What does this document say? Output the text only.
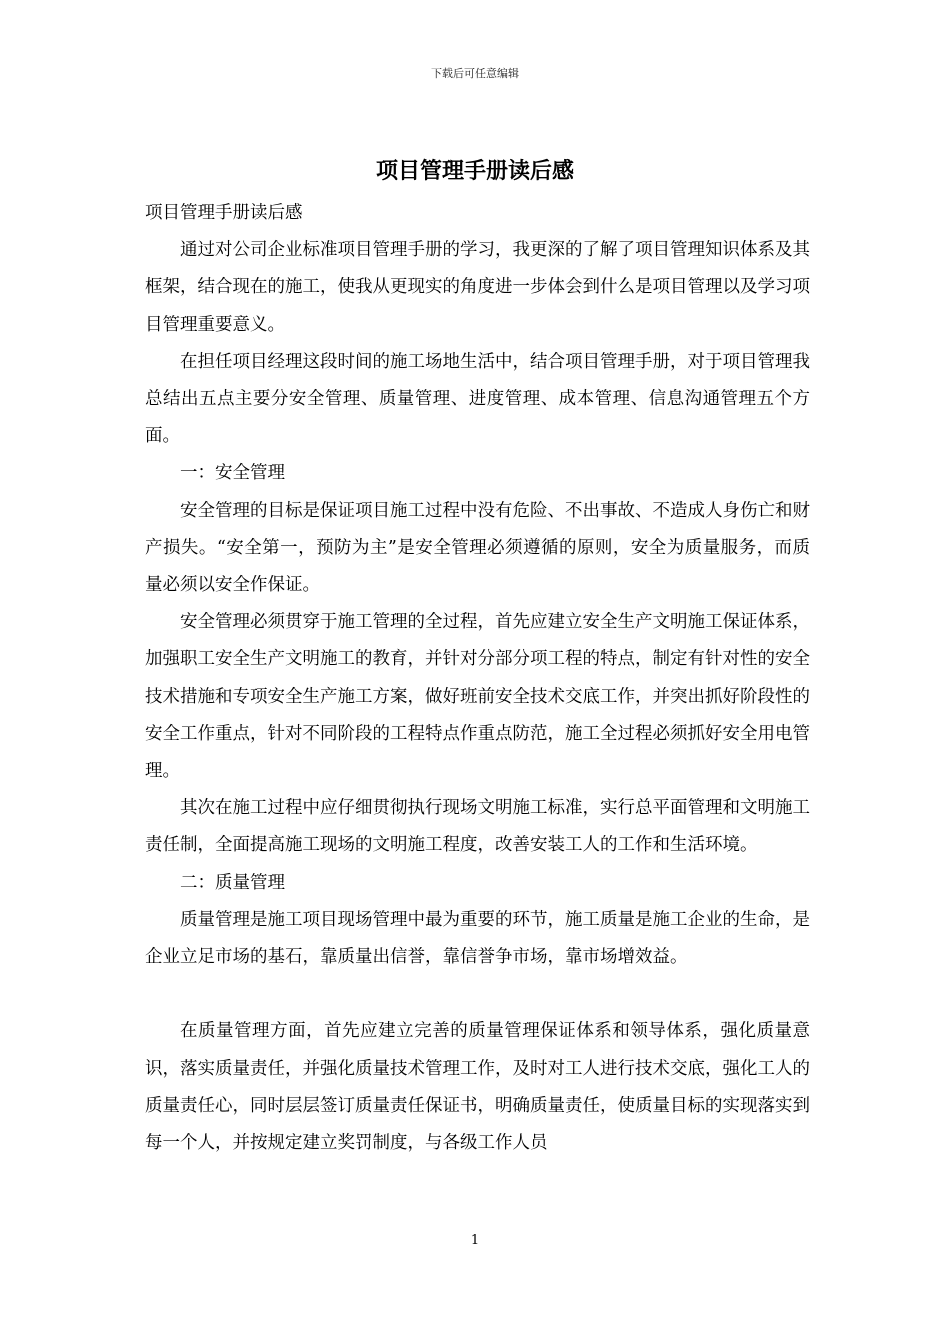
下载后可任意编辑
项目管理手册读后感

项目管理手册读后感

通过对公司企业标准项目管理手册的学习，我更深的了解了项目管理知识体系及其框架，结合现在的施工，使我从更现实的角度进一步体会到什么是项目管理以及学习项目管理重要意义。

在担任项目经理这段时间的施工场地生活中，结合项目管理手册，对于项目管理我总结出五点主要分安全管理、质量管理、进度管理、成本管理、信息沟通管理五个方面。

一：安全管理

安全管理的目标是保证项目施工过程中没有危险、不出事故、不造成人身伤亡和财产损失。“安全第一，预防为主”是安全管理必须遵循的原则，安全为质量服务，而质量必须以安全作保证。

安全管理必须贯穿于施工管理的全过程，首先应建立安全生产文明施工保证体系，加强职工安全生产文明施工的教育，并针对分部分项工程的特点，制定有针对性的安全技术措施和专项安全生产施工方案，做好班前安全技术交底工作，并突出抓好阶段性的安全工作重点，针对不同阶段的工程特点作重点防范，施工全过程必须抓好安全用电管理。

其次在施工过程中应仔细贯彻执行现场文明施工标准，实行总平面管理和文明施工责任制，全面提高施工现场的文明施工程度，改善安装工人的工作和生活环境。

二：质量管理

质量管理是施工项目现场管理中最为重要的环节，施工质量是施工企业的生命，是企业立足市场的基石，靠质量出信誉，靠信誉争市场，靠市场增效益。

在质量管理方面，首先应建立完善的质量管理保证体系和领导体系，强化质量意识，落实质量责任，并强化质量技术管理工作，及时对工人进行技术交底，强化工人的质量责任心，同时层层签订质量责任保证书，明确质量责任，使质量目标的实现落实到每一个人，并按规定建立奖罚制度，与各级工作人员

1
